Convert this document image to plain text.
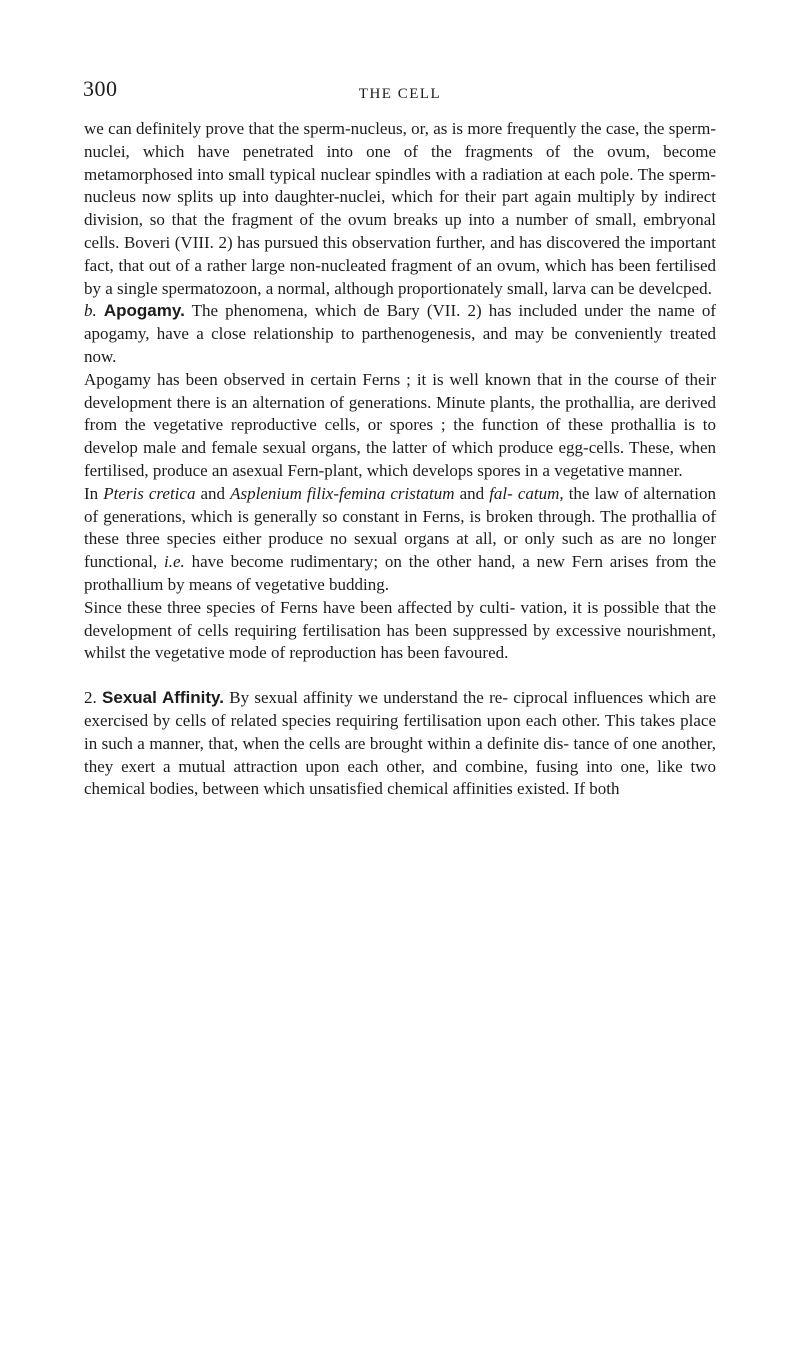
300	THE CELL

we can definitely prove that the sperm-nucleus, or, as is more frequently the case, the sperm-nuclei, which have penetrated into one of the fragments of the ovum, become metamorphosed into small typical nuclear spindles with a radiation at each pole. The sperm-nucleus now splits up into daughter-nuclei, which for their part again multiply by indirect division, so that the fragment of the ovum breaks up into a number of small, embryonal cells. Boveri (VIII. 2) has pursued this observation further, and has discovered the important fact, that out of a rather large non-nucleated fragment of an ovum, which has been fertilised by a single spermatozoon, a normal, although proportionately small, larva can be develcped.

b. Apogamy. The phenomena, which de Bary (VII. 2) has included under the name of apogamy, have a close relationship to parthenogenesis, and may be conveniently treated now.

Apogamy has been observed in certain Ferns ; it is well known that in the course of their development there is an alternation of generations. Minute plants, the prothallia, are derived from the vegetative reproductive cells, or spores ; the function of these prothallia is to develop male and female sexual organs, the latter of which produce egg-cells. These, when fertilised, produce an asexual Fern-plant, which develops spores in a vegetative manner.

In Pteris cretica and Asplenium filix-femina cristatum and fal- catum, the law of alternation of generations, which is generally so constant in Ferns, is broken through. The prothallia of these three species either produce no sexual organs at all, or only such as are no longer functional, i.e. have become rudimentary; on the other hand, a new Fern arises from the prothallium by means of vegetative budding.

Since these three species of Ferns have been affected by culti- vation, it is possible that the development of cells requiring fertilisation has been suppressed by excessive nourishment, whilst the vegetative mode of reproduction has been favoured.

2. Sexual Affinity. By sexual affinity we understand the re- ciprocal influences which are exercised by cells of related species requiring fertilisation upon each other. This takes place in such a manner, that, when the cells are brought within a definite dis- tance of one another, they exert a mutual attraction upon each other, and combine, fusing into one, like two chemical bodies, between which unsatisfied chemical affinities existed. If both
